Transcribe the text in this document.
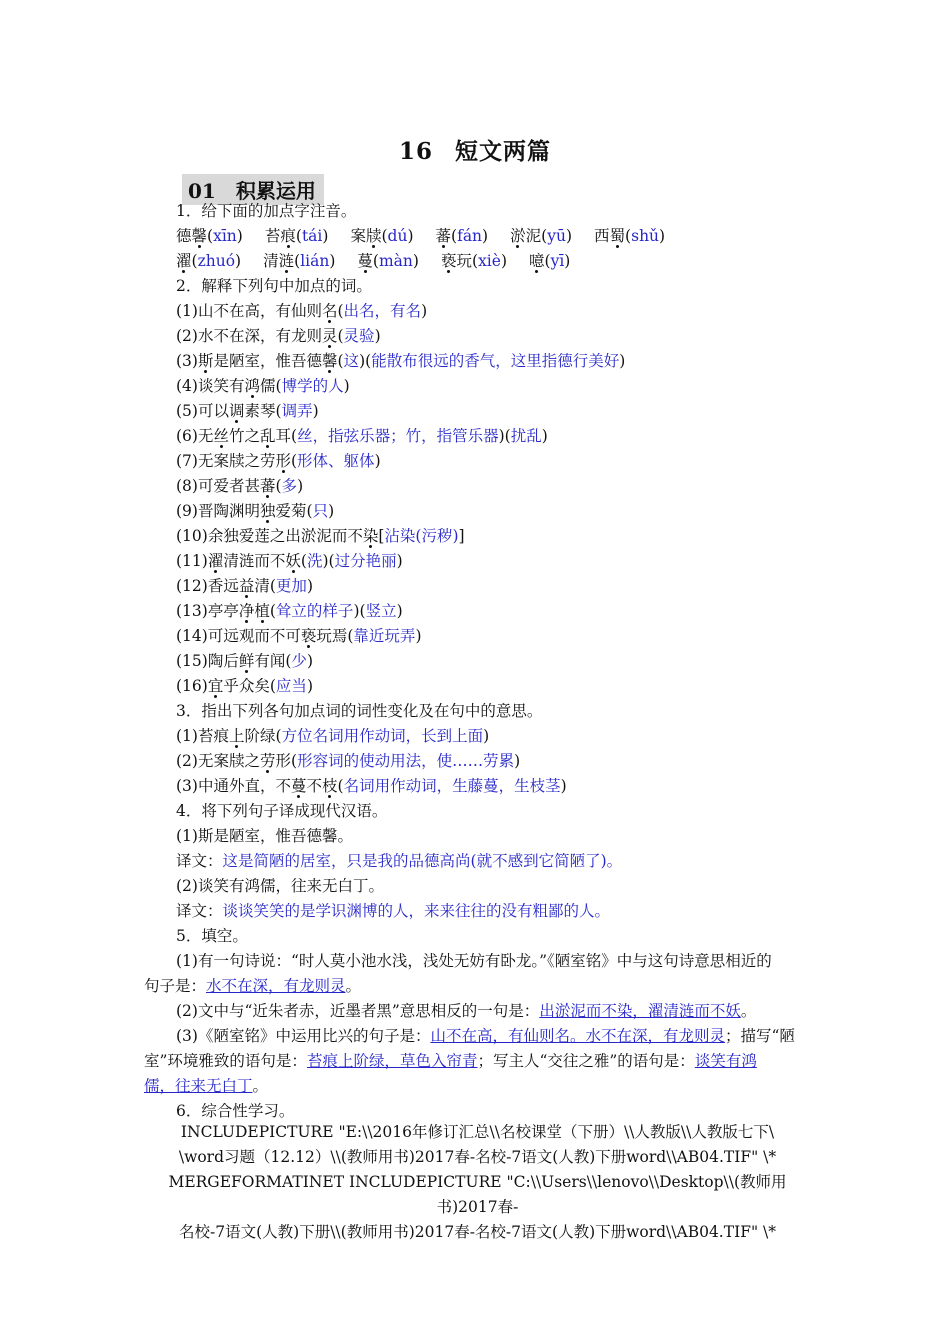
16 短文两篇
01 积累运用
1．给下面的加点字注音。
德馨(xīn) 苔痕(tái) 案牍(dú) 蕃(fán) 淤泥(yū) 西蜀(shǔ)
濯(zhuó) 清涟(lián) 蔓(màn) 亵玩(xiè) 噫(yī)
2．解释下列句中加点的词。
(1)山不在高，有仙则名(出名，有名)
(2)水不在深，有龙则灵(灵验)
(3)斯是陋室，惟吾德馨(这)(能散布很远的香气，这里指德行美好)
(4)谈笑有鸿儒(博学的人)
(5)可以调素琴(调弄)
(6)无丝竹之乱耳(丝，指弦乐器；竹，指管乐器)(扰乱)
(7)无案牍之劳形(形体、躯体)
(8)可爱者甚蕃(多)
(9)晋陶渊明独爱菊(只)
(10)余独爱莲之出淤泥而不染[沾染(污秽)]
(11)濯清涟而不妖(洗)(过分艳丽)
(12)香远益清(更加)
(13)亭亭净植(耸立的样子)(竖立)
(14)可远观而不可亵玩焉(靠近玩弄)
(15)陶后鲜有闻(少)
(16)宜乎众矣(应当)
3．指出下列各句加点词的词性变化及在句中的意思。
(1)苔痕上阶绿(方位名词用作动词，长到上面)
(2)无案牍之劳形(形容词的使动用法，使……劳累)
(3)中通外直，不蔓不枝(名词用作动词，生藤蔓，生枝茎)
4．将下列句子译成现代汉语。
(1)斯是陋室，惟吾德馨。
译文：这是简陋的居室，只是我的品德高尚(就不感到它简陋了)。
(2)谈笑有鸿儒，往来无白丁。
译文：谈谈笑笑的是学识渊博的人，来来往往的没有粗鄙的人。
5．填空。
(1)有一句诗说：“时人莫小池水浅，浅处无妨有卧龙。”《陋室铭》中与这句诗意思相近的
句子是：水不在深，有龙则灵。
(2)文中与“近朱者赤，近墨者黑”意思相反的一句是：出淤泥而不染，濯清涟而不妖。
(3)《陋室铭》中运用比兴的句子是：山不在高，有仙则名。水不在深，有龙则灵；描写“陋
室”环境雅致的语句是：苔痕上阶绿，草色入帘青；写主人“交往之雅”的语句是：谈笑有鸿
儒，往来无白丁。
6．综合性学习。
INCLUDEPICTURE "E:\\2016年修订汇总\\名校课堂（下册）\\人教版\\人教版七下\
\word习题（12.12）\\(教师用书)2017春-名校-7语文(人教)下册word\\AB04.TIF" \*
MERGEFORMATINET INCLUDEPICTURE "C:\\Users\\lenovo\\Desktop\\(教师用书)2017春-
名校-7语文(人教)下册\\(教师用书)2017春-名校-7语文(人教)下册word\\AB04.TIF" \*
